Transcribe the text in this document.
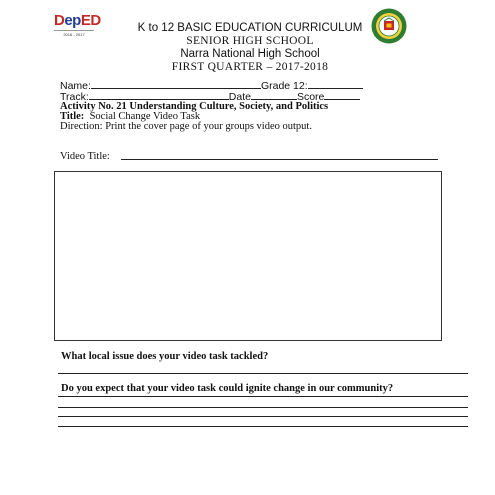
DepED
2016 - 2017
K to 12 BASIC EDUCATION CURRICULUM
SENIOR HIGH SCHOOL
Narra National High School
FIRST QUARTER – 2017-2018
Name:	Grade 12:
Track:	Date	Score
Activity No. 21 Understanding Culture, Society, and Politics
Title: Social Change Video Task
Direction: Print the cover page of your groups video output.
Video Title:
What local issue does your video task tackled?
Do you expect that your video task could ignite change in our community?
